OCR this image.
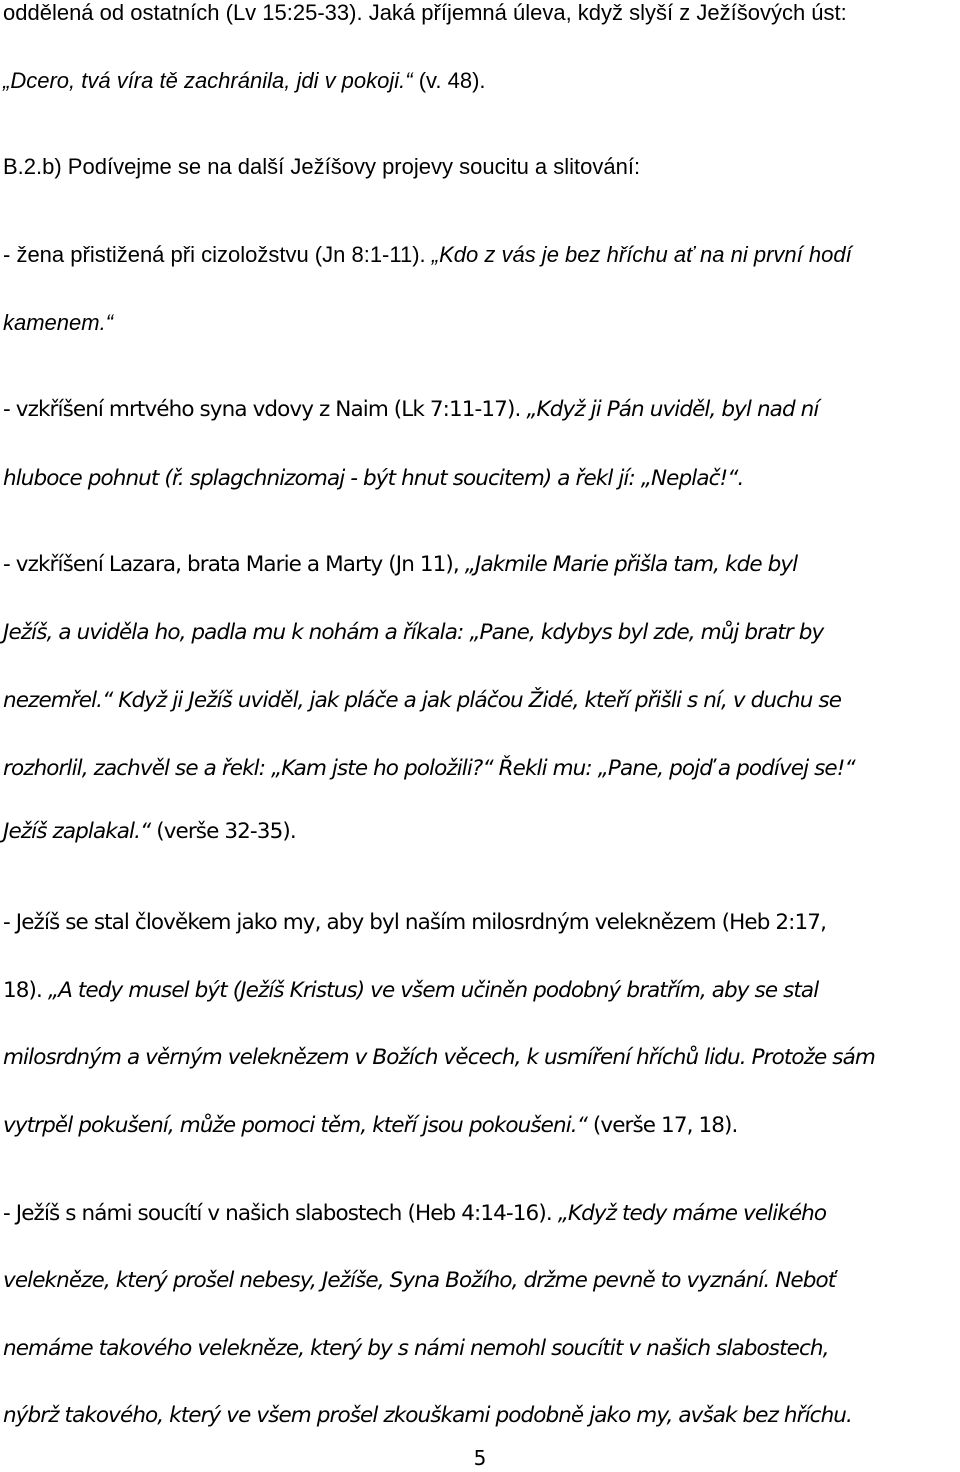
oddělená od ostatních (Lv 15:25-33). Jaká příjemná úleva, když slyší z Ježíšových úst:
„Dcero, tvá víra tě zachránila, jdi v pokoji.“ (v. 48).
B.2.b) Podívejme se na další Ježíšovy projevy soucitu a slitování:
- žena přistižená při cizoložstvu (Jn 8:1-11). „Kdo z vás je bez hříchu ať na ni první hodí
kamenem.“
- vzkříšení mrtvého syna vdovy z Naim (Lk 7:11-17). „Když ji Pán uviděl, byl nad ní
hluboce pohnut (ř. splagchnizomaj - být hnut soucitem) a řekl jí: „Neplač!“.
- vzkříšení Lazara, brata Marie a Marty (Jn 11), „Jakmile Marie přišla tam, kde byl
Ježíš, a uviděla ho, padla mu k nohám a říkala: „Pane, kdybys byl zde, můj bratr by
nezemřel.“ Když ji Ježíš uviděl, jak pláče a jak pláčou Židé, kteří přišli s ní, v duchu se
rozhorlil, zachvěl se a řekl: „Kam jste ho položili?“ Řekli mu: „Pane, pojď a podívej se!“
Ježíš zaplakal.“ (verše 32-35).
- Ježíš se stal člověkem jako my, aby byl naším milosrdným veleknězem (Heb 2:17,
18). „A tedy musel být (Ježíš Kristus) ve všem učiněn podobný bratřím, aby se stal
milosrdným a věrným veleknězem v Božích věcech, k usmíření hříchů lidu. Protože sám
vytrpěl pokušení, může pomoci těm, kteří jsou pokoušeni.“ (verše 17, 18).
- Ježíš s námi soucítí v našich slabostech (Heb 4:14-16). „Když tedy máme velikého
velekněze, který prošel nebesy, Ježíše, Syna Božího, držme pevně to vyznání. Neboť
nemáme takového velekněze, který by s námi nemohl soucítit v našich slabostech,
nýbrž takového, který ve všem prošel zkouškami podobně jako my, avšak bez hříchu.
5
